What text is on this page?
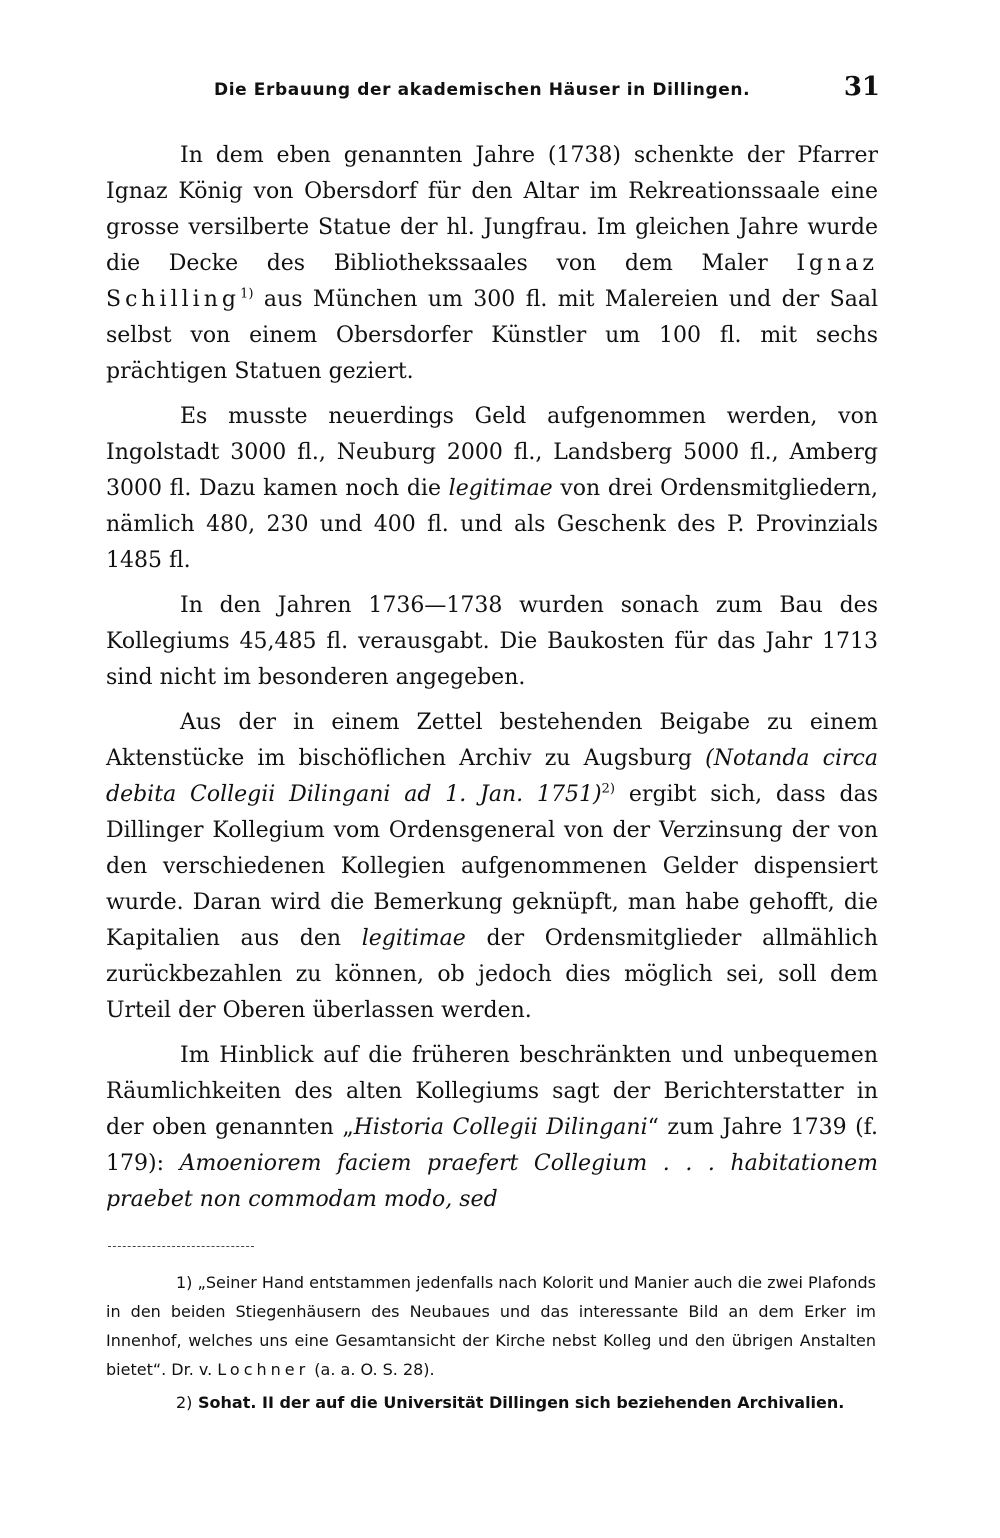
Die Erbauung der akademischen Häuser in Dillingen.	31

In dem eben genannten Jahre (1738) schenkte der Pfarrer Ignaz König von Obersdorf für den Altar im Rekreationssaale eine grosse versilberte Statue der hl. Jungfrau. Im gleichen Jahre wurde die Decke des Bibliothekssaales von dem Maler Ignaz Schilling$^{1)}$ aus München um 300 fl. mit Malereien und der Saal selbst von einem Obersdorfer Künstler um 100 fl. mit sechs prächtigen Statuen geziert.

Es musste neuerdings Geld aufgenommen werden, von Ingolstadt 3000 fl., Neuburg 2000 fl., Landsberg 5000 fl., Amberg 3000 fl. Dazu kamen noch die legitimae von drei Ordensmitgliedern, nämlich 480, 230 und 400 fl. und als Geschenk des P. Provinzials 1485 fl.

In den Jahren 1736—1738 wurden sonach zum Bau des Kollegiums 45,485 fl. verausgabt. Die Baukosten für das Jahr 1713 sind nicht im besonderen angegeben.

Aus der in einem Zettel bestehenden Beigabe zu einem Aktenstücke im bischöflichen Archiv zu Augsburg (Notanda circa debita Collegii Dilingani ad 1. Jan. 1751)$^{2)}$ ergibt sich, dass das Dillinger Kollegium vom Ordensgeneral von der Verzinsung der von den verschiedenen Kollegien aufgenommenen Gelder dispensiert wurde. Daran wird die Bemerkung geknüpft, man habe gehofft, die Kapitalien aus den legitimae der Ordensmitglieder allmählich zurückbezahlen zu können, ob jedoch dies möglich sei, soll dem Urteil der Oberen überlassen werden.

Im Hinblick auf die früheren beschränkten und unbequemen Räumlichkeiten des alten Kollegiums sagt der Berichterstatter in der oben genannten „Historia Collegii Dilingani“ zum Jahre 1739 (f. 179): Amoeniorem faciem praefert Collegium . . . habitationem praebet non commodam modo, sed

1) „Seiner Hand entstammen jedenfalls nach Kolorit und Manier auch die zwei Plafonds in den beiden Stiegenhäusern des Neubaues und das interessante Bild an dem Erker im Innenhof, welches uns eine Gesamtansicht der Kirche nebst Kolleg und den übrigen Anstalten bietet“. Dr. v. Lochner (a. a. O. S. 28).

2) Sohat. II der auf die Universität Dillingen sich beziehenden Archivalien.
